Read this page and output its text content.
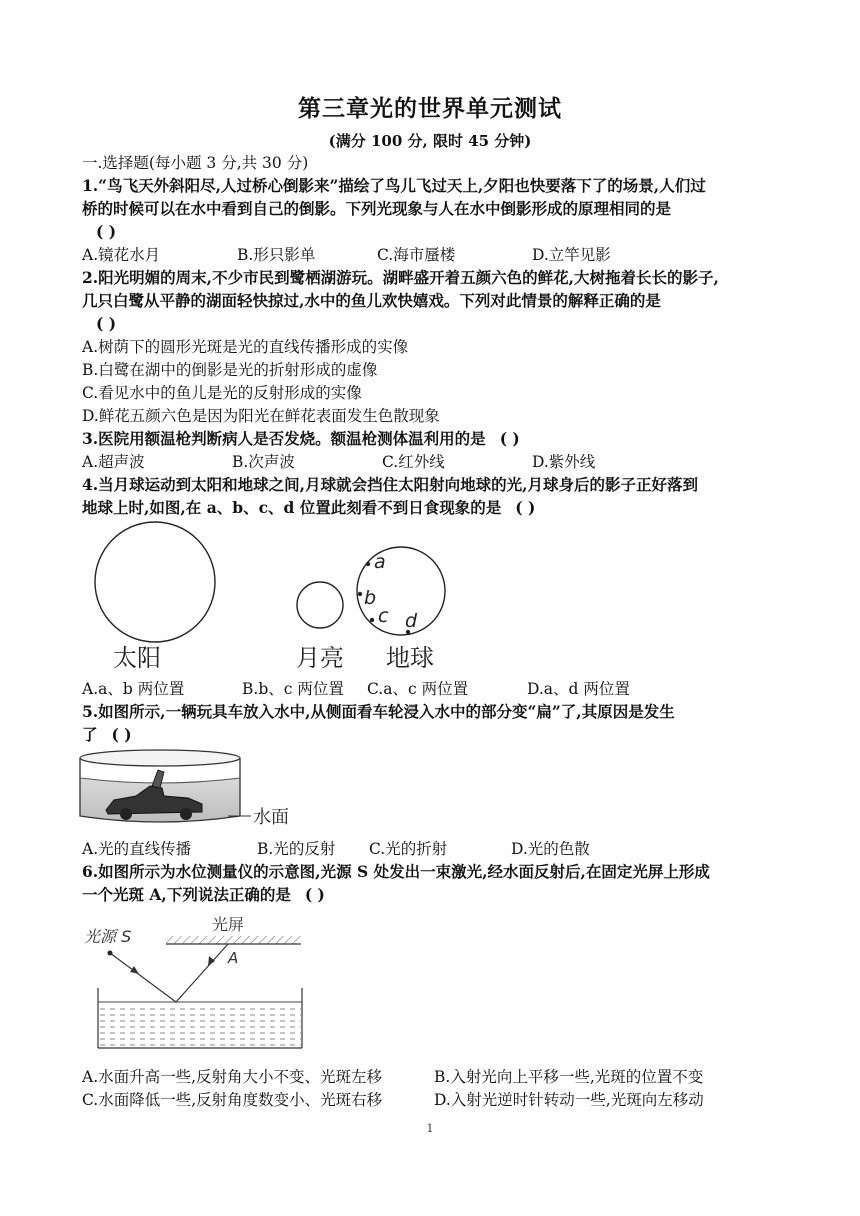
第三章光的世界单元测试
(满分 100 分, 限时 45 分钟)
一.选择题(每小题 3 分,共 30 分)
1.“鸟飞天外斜阳尽,人过桥心倒影来”描绘了鸟儿飞过天上,夕阳也快要落下了的场景,人们过
桥的时候可以在水中看到自己的倒影。下列光现象与人在水中倒影形成的原理相同的是
( )
A.镜花水月	B.形只影单	C.海市蜃楼	D.立竿见影
2.阳光明媚的周末,不少市民到鹭栖湖游玩。湖畔盛开着五颜六色的鲜花,大树拖着长长的影子,
几只白鹭从平静的湖面轻快掠过,水中的鱼儿欢快嬉戏。下列对此情景的解释正确的是
( )
A.树荫下的圆形光斑是光的直线传播形成的实像
B.白鹭在湖中的倒影是光的折射形成的虚像
C.看见水中的鱼儿是光的反射形成的实像
D.鲜花五颜六色是因为阳光在鲜花表面发生色散现象
3.医院用额温枪判断病人是否发烧。额温枪测体温利用的是 ( )
A.超声波	B.次声波	C.红外线	D.紫外线
4.当月球运动到太阳和地球之间,月球就会挡住太阳射向地球的光,月球身后的影子正好落到
地球上时,如图,在 a、b、c、d 位置此刻看不到日食现象的是 ( )
a
b
c d
太阳	月亮 地球
A.a、b 两位置	B.b、c 两位置 C.a、c 两位置	D.a、d 两位置
5.如图所示,一辆玩具车放入水中,从侧面看车轮浸入水中的部分变“扁”了,其原因是发生
了 ( )
水面
A.光的直线传播	B.光的反射 C.光的折射	D.光的色散
6.如图所示为水位测量仪的示意图,光源 S 处发出一束激光,经水面反射后,在固定光屏上形成
一个光斑 A,下列说法正确的是 ( )
光源 S
光屏
A
A.水面升高一些,反射角大小不变、光斑左移	B.入射光向上平移一些,光斑的位置不变
C.水面降低一些,反射角度数变小、光斑右移	D.入射光逆时针转动一些,光斑向左移动
1
